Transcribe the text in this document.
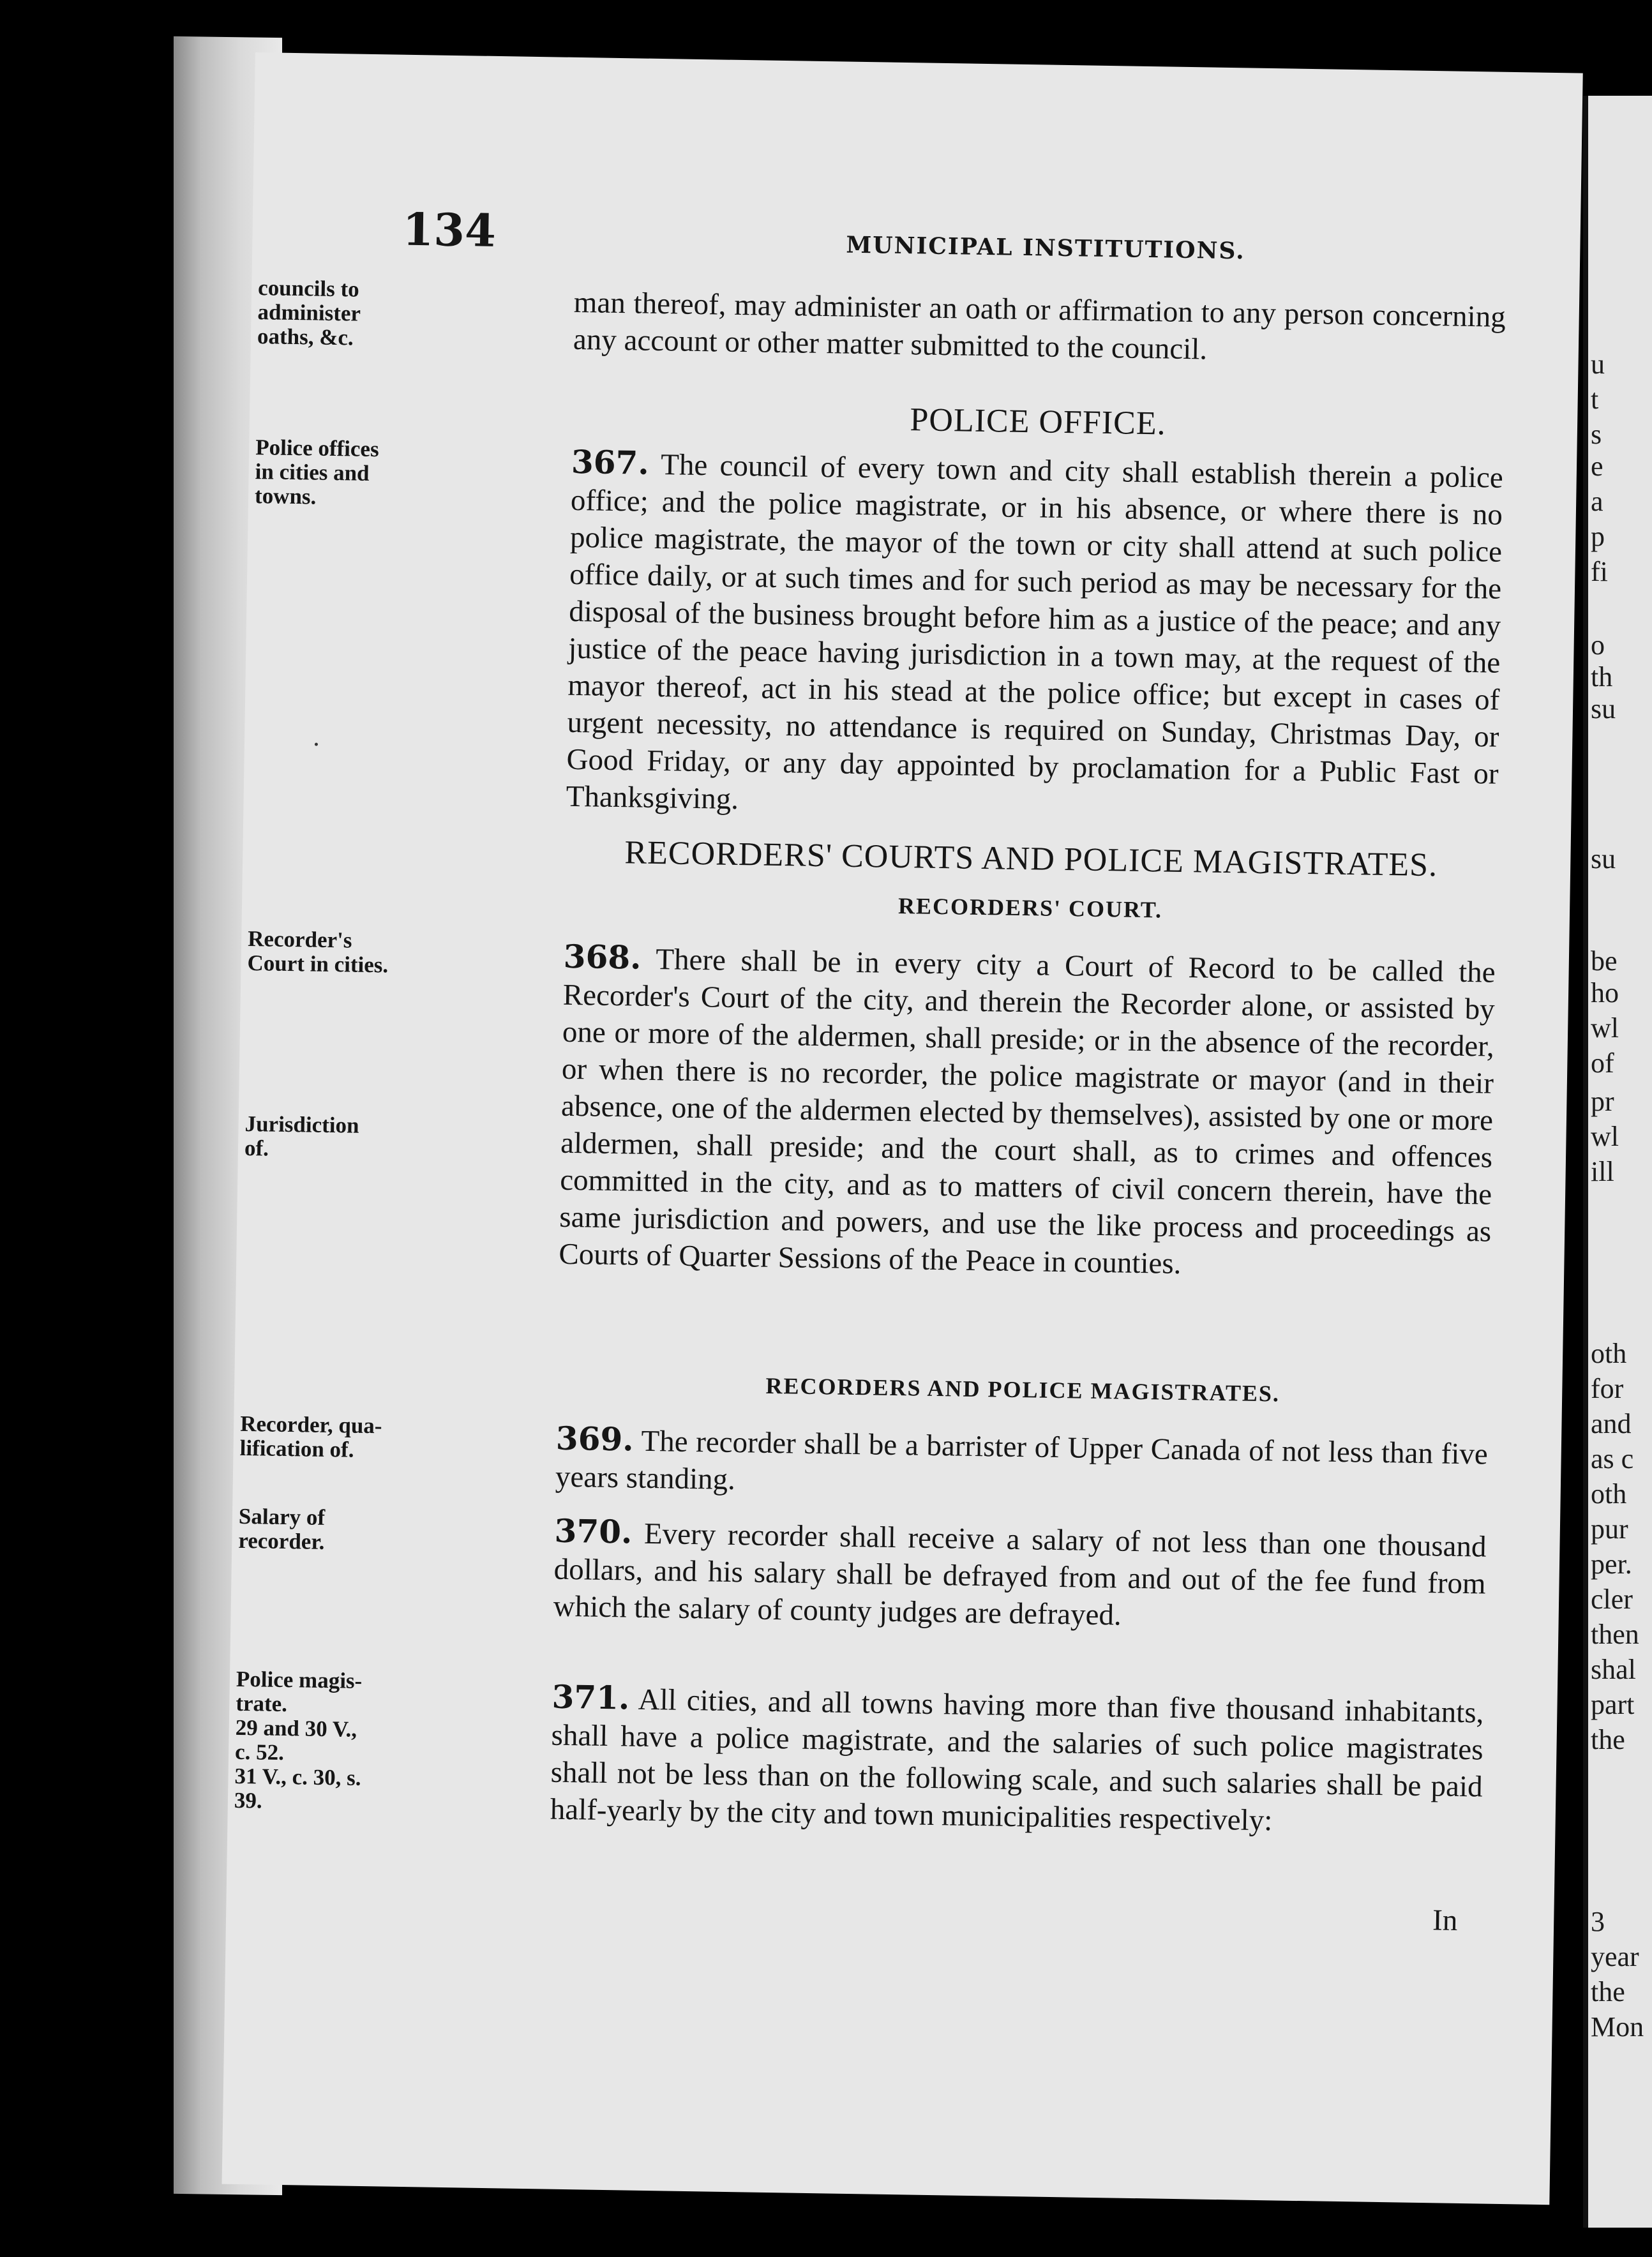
u
t
s
e
a
p
fi
o
th
su
su
be
ho
wl
of
pr
wl
ill
oth
for
and
as c
oth
pur
per.
cler
then
shal
part
the
3
year
the
Mon
134	MUNICIPAL INSTITUTIONS.
councils to
administer
oaths, &c.
man thereof, may administer an oath or affirmation to any person concerning any account or other matter submitted to the council.
POLICE OFFICE.
Police offices
in cities and
towns.
367. The council of every town and city shall establish therein a police office; and the police magistrate, or in his absence, or where there is no police magistrate, the mayor of the town or city shall attend at such police office daily, or at such times and for such period as may be necessary for the disposal of the business brought before him as a justice of the peace; and any justice of the peace having jurisdiction in a town may, at the request of the mayor thereof, act in his stead at the police office; but except in cases of urgent necessity, no attendance is required on Sunday, Christmas Day, or Good Friday, or any day appointed by proclamation for a Public Fast or Thanksgiving.
RECORDERS' COURTS AND POLICE MAGISTRATES.
RECORDERS' COURT.
Recorder's
Court in cities.
Jurisdiction
of.
368. There shall be in every city a Court of Record to be called the Recorder's Court of the city, and therein the Recorder alone, or assisted by one or more of the aldermen, shall preside; or in the absence of the recorder, or when there is no recorder, the police magistrate or mayor (and in their absence, one of the aldermen elected by themselves), assisted by one or more aldermen, shall preside; and the court shall, as to crimes and offences committed in the city, and as to matters of civil concern therein, have the same jurisdiction and powers, and use the like process and proceedings as Courts of Quarter Sessions of the Peace in counties.
RECORDERS AND POLICE MAGISTRATES.
Recorder, qua-
lification of.	369. The recorder shall be a barrister of Upper Canada of not less than five years standing.
Salary of
recorder.	370. Every recorder shall receive a salary of not less than one thousand dollars, and his salary shall be defrayed from and out of the fee fund from which the salary of county judges are defrayed.
Police magis-
trate.
29 and 30 V.,
c. 52.
31 V., c. 30, s.
39.
371. All cities, and all towns having more than five thousand inhabitants, shall have a police magistrate, and the salaries of such police magistrates shall not be less than on the following scale, and such salaries shall be paid half-yearly by the city and town municipalities respectively:
In
